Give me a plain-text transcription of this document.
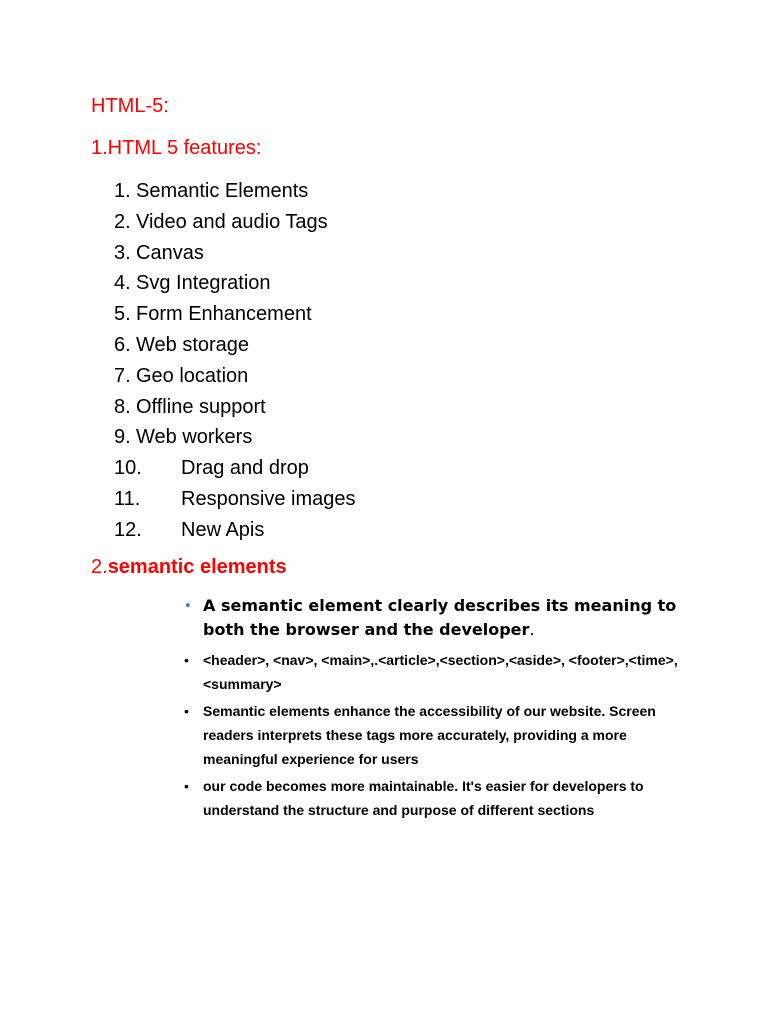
HTML-5:
1.HTML 5 features:
1. Semantic Elements
2. Video and audio Tags
3. Canvas
4. Svg Integration
5. Form Enhancement
6. Web storage
7. Geo location
8. Offline support
9. Web workers
10. Drag and drop
11. Responsive images
12. New Apis
2.semantic elements
• A semantic element clearly describes its meaning to both the browser and the developer.
• <header>, <nav>, <main>,.<article>,<section>,<aside>, <footer>,<time>,<summary>
• Semantic elements enhance the accessibility of our website. Screen readers interprets these tags more accurately, providing a more meaningful experience for users
• our code becomes more maintainable. It's easier for developers to understand the structure and purpose of different sections
